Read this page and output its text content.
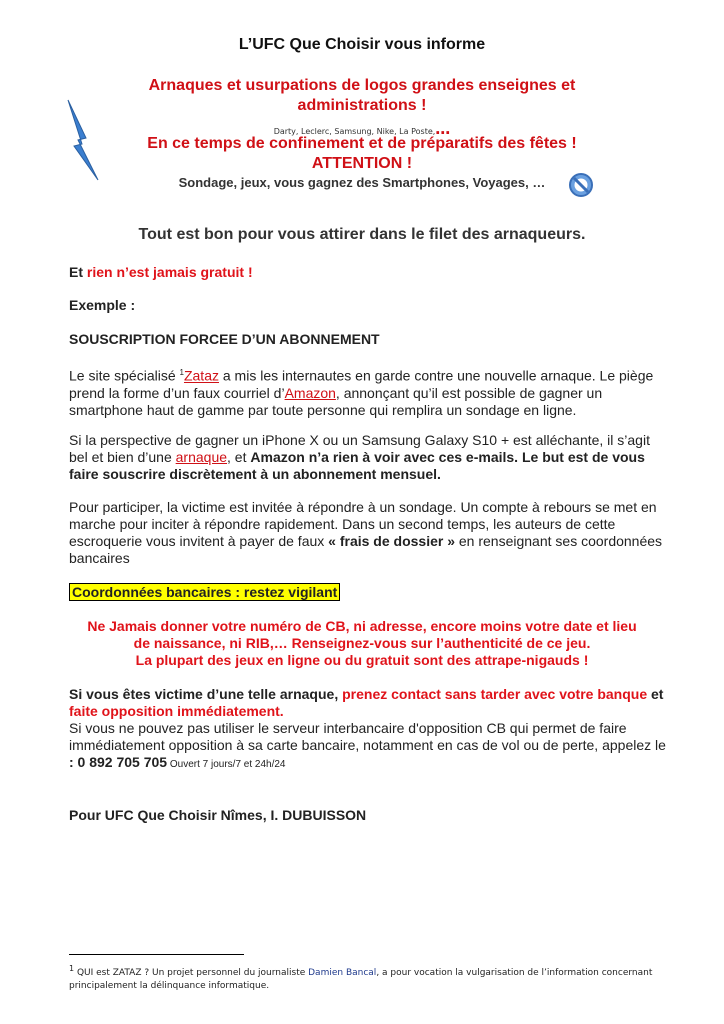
L’UFC Que Choisir vous informe
Arnaques et usurpations de logos grandes enseignes et
administrations !
Darty, Leclerc, Samsung, Nike, La Poste,…
En ce temps de confinement et de préparatifs des fêtes !
ATTENTION !
Sondage, jeux, vous gagnez des Smartphones, Voyages, …
Tout est bon pour vous attirer dans le filet des arnaqueurs.
Et rien n’est jamais gratuit !
Exemple :
SOUSCRIPTION FORCEE D’UN ABONNEMENT
Le site spécialisé $^1$Zataz a mis les internautes en garde contre une nouvelle arnaque. Le piège prend la forme d’un faux courriel d’Amazon, annonçant qu’il est possible de gagner un smartphone haut de gamme par toute personne qui remplira un sondage en ligne.
Si la perspective de gagner un iPhone X ou un Samsung Galaxy S10 + est alléchante, il s’agit bel et bien d’une arnaque, et Amazon n’a rien à voir avec ces e-mails. Le but est de vous faire souscrire discrètement à un abonnement mensuel.
Pour participer, la victime est invitée à répondre à un sondage. Un compte à rebours se met en marche pour inciter à répondre rapidement. Dans un second temps, les auteurs de cette escroquerie vous invitent à payer de faux « frais de dossier » en renseignant ses coordonnées bancaires
Coordonnées bancaires : restez vigilant
Ne Jamais donner votre numéro de CB, ni adresse, encore moins votre date et lieu
de naissance, ni RIB,… Renseignez-vous sur l’authenticité de ce jeu.
La plupart des jeux en ligne ou du gratuit sont des attrape-nigauds !
Si vous êtes victime d’une telle arnaque, prenez contact sans tarder avec votre banque et faite opposition immédiatement.
Si vous ne pouvez pas utiliser le serveur interbancaire d'opposition CB qui permet de faire immédiatement opposition à sa carte bancaire, notamment en cas de vol ou de perte, appelez le : 0 892 705 705 Ouvert 7 jours/7 et 24h/24
Pour UFC Que Choisir Nîmes, I. DUBUISSON
$^1$ QUI est ZATAZ ? Un projet personnel du journaliste Damien Bancal, a pour vocation la vulgarisation de l’information concernant principalement la délinquance informatique.
